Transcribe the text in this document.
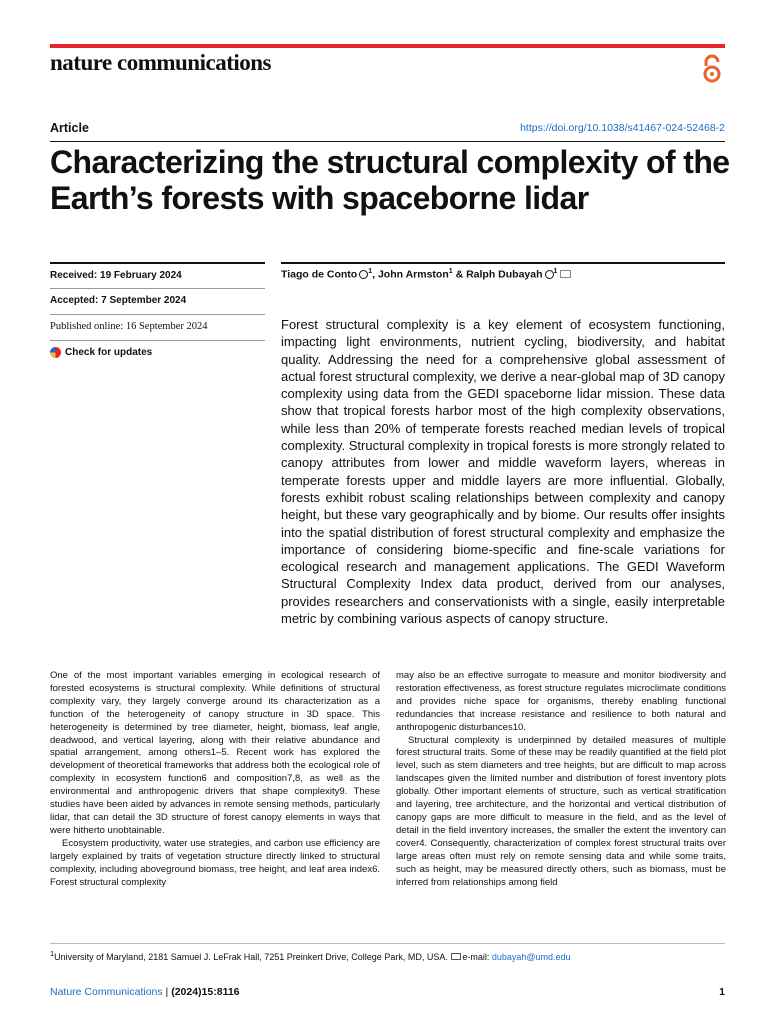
nature communications
Article	https://doi.org/10.1038/s41467-024-52468-2
Characterizing the structural complexity of the Earth’s forests with spaceborne lidar
Received: 19 February 2024
Accepted: 7 September 2024
Published online: 16 September 2024
Check for updates
Tiago de Conto $^1$, John Armston$^1$ & Ralph Dubayah $^1$

Forest structural complexity is a key element of ecosystem functioning, impacting light environments, nutrient cycling, biodiversity, and habitat quality. Addressing the need for a comprehensive global assessment of actual forest structural complexity, we derive a near-global map of 3D canopy complexity using data from the GEDI spaceborne lidar mission. These data show that tropical forests harbor most of the high complexity observations, while less than 20% of temperate forests reached median levels of tropical complexity. Structural complexity in tropical forests is more strongly related to canopy attributes from lower and middle waveform layers, whereas in temperate forests upper and middle layers are more influential. Globally, forests exhibit robust scaling relationships between complexity and canopy height, but these vary geographically and by biome. Our results offer insights into the spatial distribution of forest structural complexity and emphasize the importance of considering biome-specific and fine-scale variations for ecological research and management applications. The GEDI Waveform Structural Complexity Index data product, derived from our analyses, provides researchers and conservationists with a single, easily interpretable metric by combining various aspects of canopy structure.

One of the most important variables emerging in ecological research of forested ecosystems is structural complexity. While definitions of structural complexity vary, they largely converge around its characterization as a function of the heterogeneity of canopy structure in 3D space. This heterogeneity is determined by tree diameter, height, biomass, leaf angle, deadwood, and vertical layering, along with their relative abundance and spatial arrangement, among others1–5. Recent work has explored the development of theoretical frameworks that address both the ecological role of complexity in ecosystem function6 and composition7,8, as well as the environmental and anthropogenic drivers that shape complexity9. These studies have been aided by advances in remote sensing methods, particularly lidar, that can detail the 3D structure of forest canopy elements in ways that were hitherto unobtainable.

Ecosystem productivity, water use strategies, and carbon use efficiency are largely explained by traits of vegetation structure directly linked to structural complexity, including aboveground biomass, tree height, and leaf area index6. Forest structural complexity

may also be an effective surrogate to measure and monitor biodiversity and restoration effectiveness, as forest structure regulates microclimate conditions and provides niche space for organisms, thereby enabling functional redundancies that increase resistance and resilience to both natural and anthropogenic disturbances10.

Structural complexity is underpinned by detailed measures of multiple forest structural traits. Some of these may be readily quantified at the field plot level, such as stem diameters and tree heights, but are difficult to map across landscapes given the limited number and distribution of forest inventory plots globally. Other important elements of structure, such as vertical stratification and layering, tree architecture, and the horizontal and vertical distribution of canopy gaps are more difficult to measure in the field, and as the level of detail in the field inventory increases, the smaller the extent the inventory can cover4. Consequently, characterization of complex forest structural traits over large areas often must rely on remote sensing data and while some traits, such as height, may be measured directly others, such as biomass, must be inferred from relationships among field

$^1$University of Maryland, 2181 Samuel J. LeFrak Hall, 7251 Preinkert Drive, College Park, MD, USA. e-mail: dubayah@umd.edu
Nature Communications | (2024)15:8116	1
